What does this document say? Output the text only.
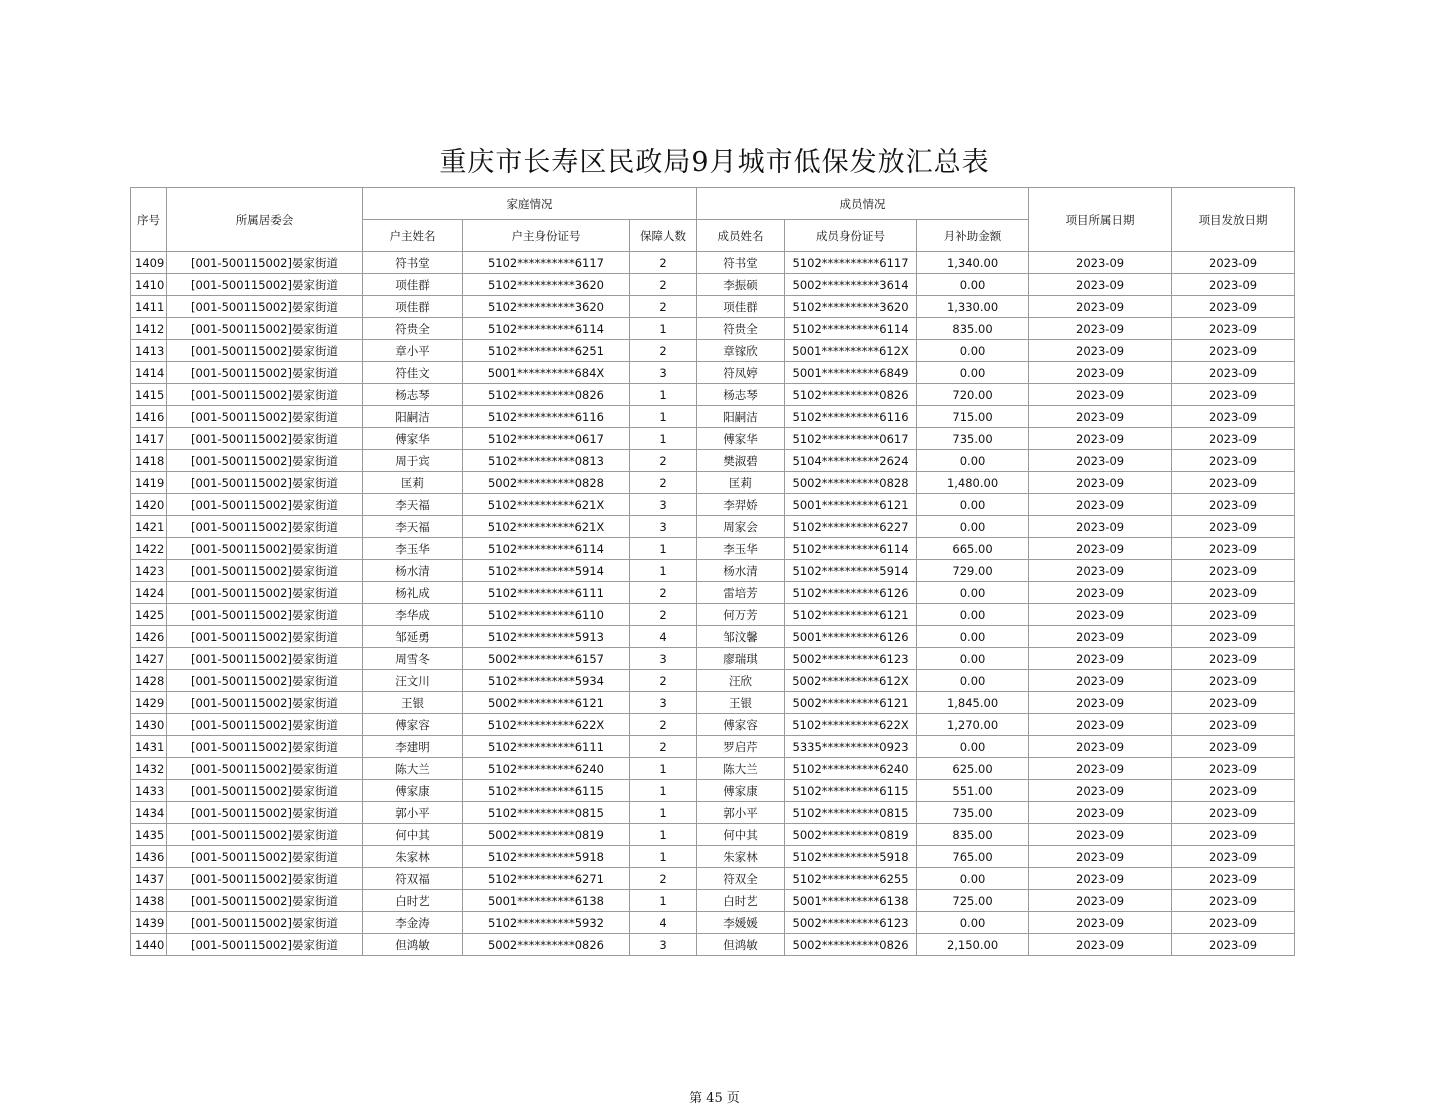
重庆市长寿区民政局9月城市低保发放汇总表
序号	所属居委会	家庭情况			成员情况			项目所属日期	项目发放日期
		户主姓名	户主身份证号	保障人数	成员姓名	成员身份证号	月补助金额		
1409	[001-500115002]晏家街道	符书堂	5102**********6117	2	符书堂	5102**********6117	1,340.00	2023-09	2023-09
1410	[001-500115002]晏家街道	项佳群	5102**********3620	2	李振硕	5002**********3614	0.00	2023-09	2023-09
1411	[001-500115002]晏家街道	项佳群	5102**********3620	2	项佳群	5102**********3620	1,330.00	2023-09	2023-09
1412	[001-500115002]晏家街道	符贵全	5102**********6114	1	符贵全	5102**********6114	835.00	2023-09	2023-09
1413	[001-500115002]晏家街道	章小平	5102**********6251	2	章镓欣	5001**********612X	0.00	2023-09	2023-09
1414	[001-500115002]晏家街道	符佳文	5001**********684X	3	符凤婷	5001**********6849	0.00	2023-09	2023-09
1415	[001-500115002]晏家街道	杨志琴	5102**********0826	1	杨志琴	5102**********0826	720.00	2023-09	2023-09
1416	[001-500115002]晏家街道	阳嗣洁	5102**********6116	1	阳嗣洁	5102**********6116	715.00	2023-09	2023-09
1417	[001-500115002]晏家街道	傅家华	5102**********0617	1	傅家华	5102**********0617	735.00	2023-09	2023-09
1418	[001-500115002]晏家街道	周于宾	5102**********0813	2	樊淑碧	5104**********2624	0.00	2023-09	2023-09
1419	[001-500115002]晏家街道	匡莉	5002**********0828	2	匡莉	5002**********0828	1,480.00	2023-09	2023-09
1420	[001-500115002]晏家街道	李天福	5102**********621X	3	李羿娇	5001**********6121	0.00	2023-09	2023-09
1421	[001-500115002]晏家街道	李天福	5102**********621X	3	周家会	5102**********6227	0.00	2023-09	2023-09
1422	[001-500115002]晏家街道	李玉华	5102**********6114	1	李玉华	5102**********6114	665.00	2023-09	2023-09
1423	[001-500115002]晏家街道	杨水清	5102**********5914	1	杨水清	5102**********5914	729.00	2023-09	2023-09
1424	[001-500115002]晏家街道	杨礼成	5102**********6111	2	雷培芳	5102**********6126	0.00	2023-09	2023-09
1425	[001-500115002]晏家街道	李华成	5102**********6110	2	何万芳	5102**********6121	0.00	2023-09	2023-09
1426	[001-500115002]晏家街道	邹延勇	5102**********5913	4	邹汶馨	5001**********6126	0.00	2023-09	2023-09
1427	[001-500115002]晏家街道	周雪冬	5002**********6157	3	廖瑞琪	5002**********6123	0.00	2023-09	2023-09
1428	[001-500115002]晏家街道	汪文川	5102**********5934	2	汪欣	5002**********612X	0.00	2023-09	2023-09
1429	[001-500115002]晏家街道	王银	5002**********6121	3	王银	5002**********6121	1,845.00	2023-09	2023-09
1430	[001-500115002]晏家街道	傅家容	5102**********622X	2	傅家容	5102**********622X	1,270.00	2023-09	2023-09
1431	[001-500115002]晏家街道	李建明	5102**********6111	2	罗启芹	5335**********0923	0.00	2023-09	2023-09
1432	[001-500115002]晏家街道	陈大兰	5102**********6240	1	陈大兰	5102**********6240	625.00	2023-09	2023-09
1433	[001-500115002]晏家街道	傅家康	5102**********6115	1	傅家康	5102**********6115	551.00	2023-09	2023-09
1434	[001-500115002]晏家街道	郭小平	5102**********0815	1	郭小平	5102**********0815	735.00	2023-09	2023-09
1435	[001-500115002]晏家街道	何中其	5002**********0819	1	何中其	5002**********0819	835.00	2023-09	2023-09
1436	[001-500115002]晏家街道	朱家林	5102**********5918	1	朱家林	5102**********5918	765.00	2023-09	2023-09
1437	[001-500115002]晏家街道	符双福	5102**********6271	2	符双全	5102**********6255	0.00	2023-09	2023-09
1438	[001-500115002]晏家街道	白时艺	5001**********6138	1	白时艺	5001**********6138	725.00	2023-09	2023-09
1439	[001-500115002]晏家街道	李金涛	5102**********5932	4	李媛媛	5002**********6123	0.00	2023-09	2023-09
1440	[001-500115002]晏家街道	但鸿敏	5002**********0826	3	但鸿敏	5002**********0826	2,150.00	2023-09	2023-09
第 45 页
